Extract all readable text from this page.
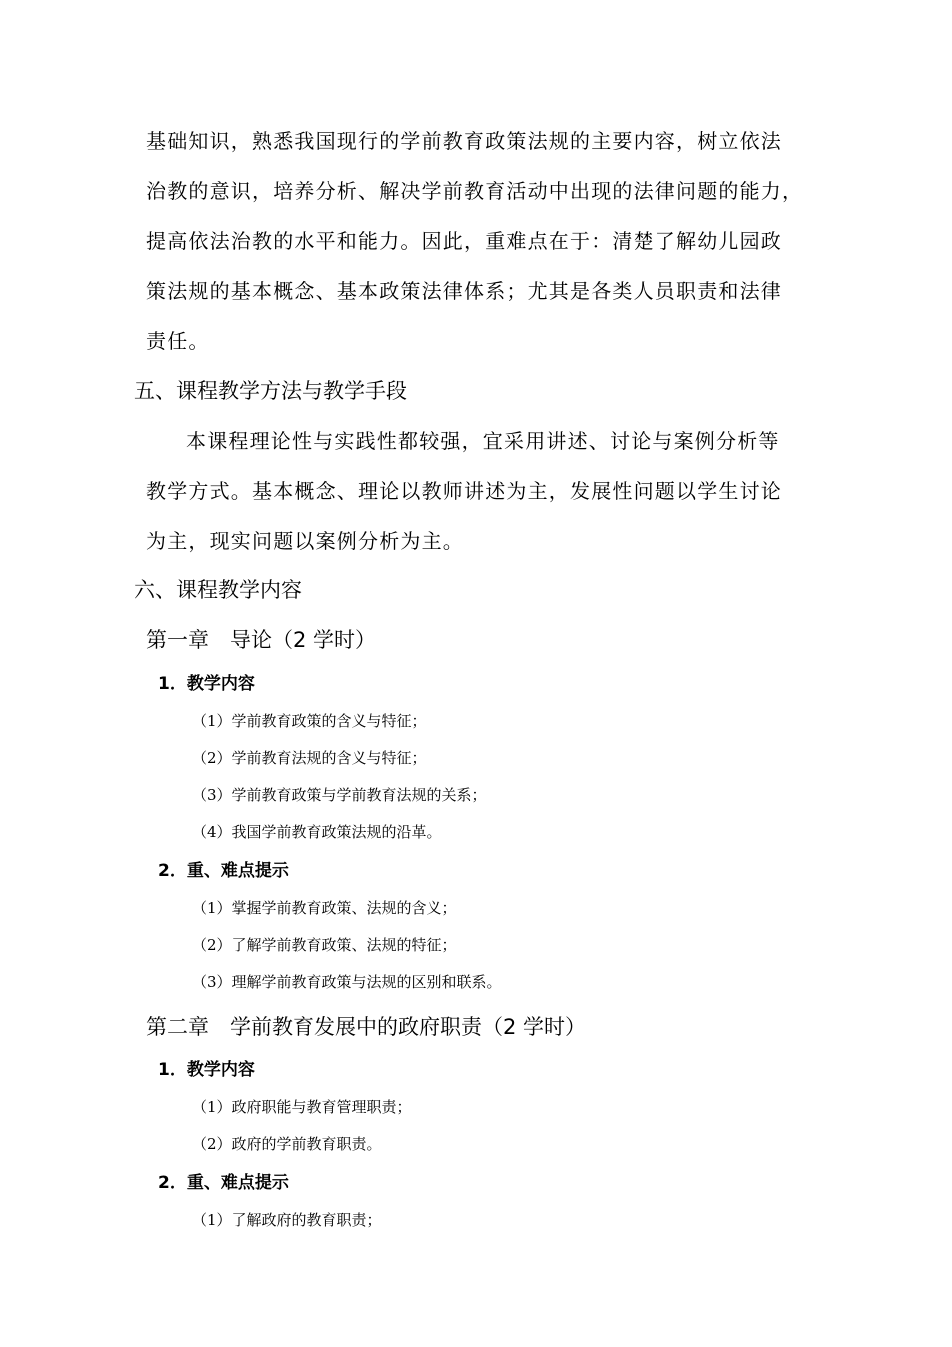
基础知识，熟悉我国现行的学前教育政策法规的主要内容，树立依法
治教的意识，培养分析、解决学前教育活动中出现的法律问题的能力，
提高依法治教的水平和能力。因此，重难点在于：清楚了解幼儿园政
策法规的基本概念、基本政策法律体系；尤其是各类人员职责和法律
责任。
五、课程教学方法与教学手段
本课程理论性与实践性都较强，宜采用讲述、讨论与案例分析等
教学方式。基本概念、理论以教师讲述为主，发展性问题以学生讨论
为主，现实问题以案例分析为主。
六、课程教学内容
第一章　导论（2 学时）
1．教学内容
（1）学前教育政策的含义与特征；
（2）学前教育法规的含义与特征；
（3）学前教育政策与学前教育法规的关系；
（4）我国学前教育政策法规的沿革。
2．重、难点提示
（1）掌握学前教育政策、法规的含义；
（2）了解学前教育政策、法规的特征；
（3）理解学前教育政策与法规的区别和联系。
第二章　学前教育发展中的政府职责（2 学时）
1．教学内容
（1）政府职能与教育管理职责；
（2）政府的学前教育职责。
2．重、难点提示
（1）了解政府的教育职责；
